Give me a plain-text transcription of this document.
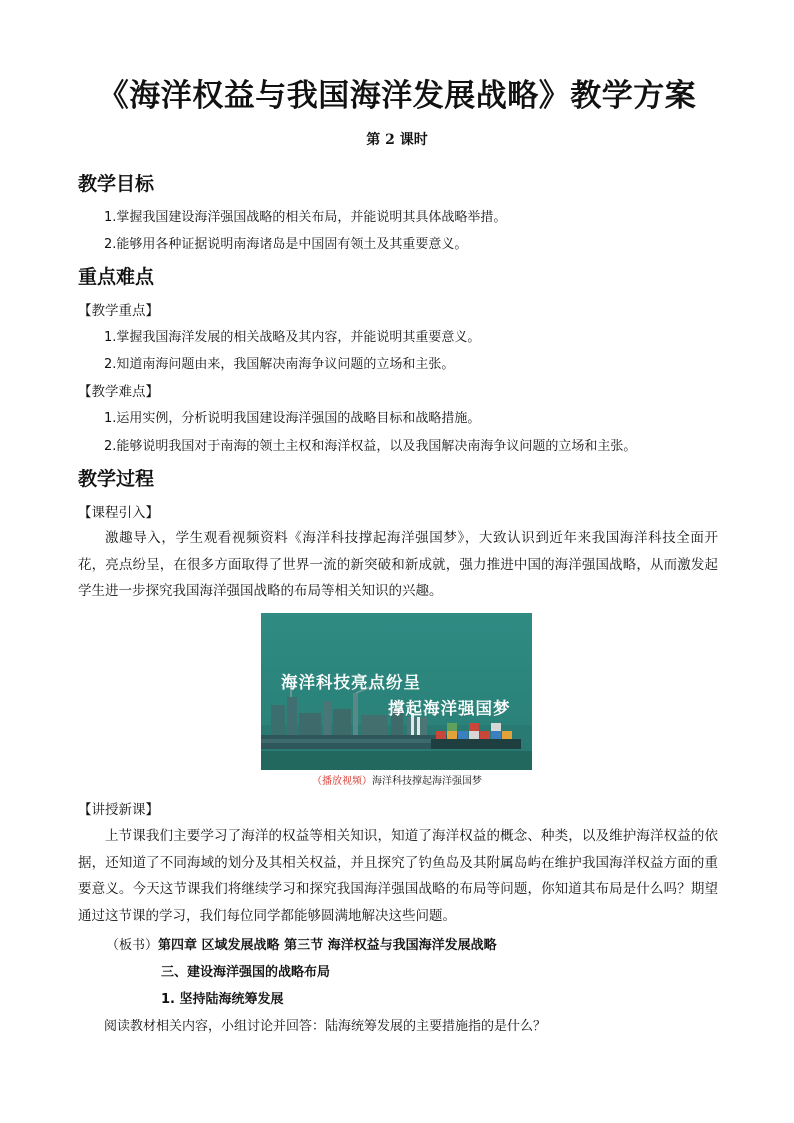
《海洋权益与我国海洋发展战略》教学方案
第 2 课时
教学目标
1.掌握我国建设海洋强国战略的相关布局，并能说明其具体战略举措。
2.能够用各种证据说明南海诸岛是中国固有领土及其重要意义。
重点难点
【教学重点】
1.掌握我国海洋发展的相关战略及其内容，并能说明其重要意义。
2.知道南海问题由来，我国解决南海争议问题的立场和主张。
【教学难点】
1.运用实例，分析说明我国建设海洋强国的战略目标和战略措施。
2.能够说明我国对于南海的领土主权和海洋权益，以及我国解决南海争议问题的立场和主张。
教学过程
【课程引入】
激趣导入，学生观看视频资料《海洋科技撑起海洋强国梦》，大致认识到近年来我国海洋科技全面开花，亮点纷呈，在很多方面取得了世界一流的新突破和新成就，强力推进中国的海洋强国战略，从而激发起学生进一步探究我国海洋强国战略的布局等相关知识的兴趣。
海洋科技亮点纷呈
撑起海洋强国梦
（播放视频）海洋科技撑起海洋强国梦
【讲授新课】
上节课我们主要学习了海洋的权益等相关知识，知道了海洋权益的概念、种类，以及维护海洋权益的依据，还知道了不同海域的划分及其相关权益，并且探究了钓鱼岛及其附属岛屿在维护我国海洋权益方面的重要意义。今天这节课我们将继续学习和探究我国海洋强国战略的布局等问题，你知道其布局是什么吗？期望通过这节课的学习，我们每位同学都能够圆满地解决这些问题。
（板书）第四章 区域发展战略 第三节 海洋权益与我国海洋发展战略
三、建设海洋强国的战略布局
1. 坚持陆海统筹发展
阅读教材相关内容，小组讨论并回答：陆海统筹发展的主要措施指的是什么？
